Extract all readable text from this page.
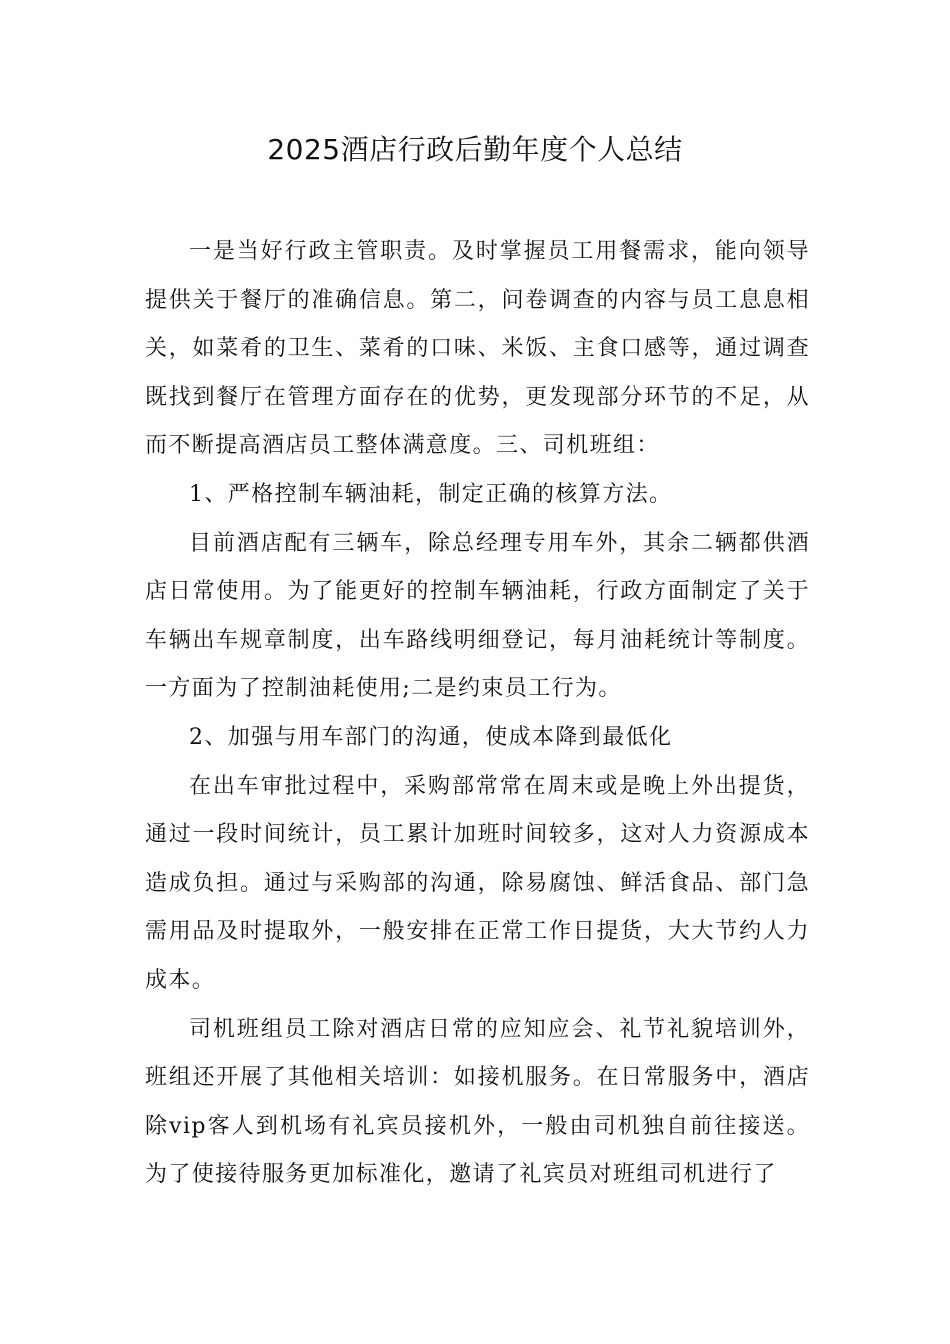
2025酒店行政后勤年度个人总结

一是当好行政主管职责。及时掌握员工用餐需求，能向领导提供关于餐厅的准确信息。第二，问卷调查的内容与员工息息相关，如菜肴的卫生、菜肴的口味、米饭、主食口感等，通过调查既找到餐厅在管理方面存在的优势，更发现部分环节的不足，从而不断提高酒店员工整体满意度。三、司机班组：

1、严格控制车辆油耗，制定正确的核算方法。

目前酒店配有三辆车，除总经理专用车外，其余二辆都供酒店日常使用。为了能更好的控制车辆油耗，行政方面制定了关于车辆出车规章制度，出车路线明细登记，每月油耗统计等制度。一方面为了控制油耗使用;二是约束员工行为。

2、加强与用车部门的沟通，使成本降到最低化

在出车审批过程中，采购部常常在周末或是晚上外出提货，通过一段时间统计，员工累计加班时间较多，这对人力资源成本造成负担。通过与采购部的沟通，除易腐蚀、鲜活食品、部门急需用品及时提取外，一般安排在正常工作日提货，大大节约人力成本。

司机班组员工除对酒店日常的应知应会、礼节礼貌培训外，班组还开展了其他相关培训：如接机服务。在日常服务中，酒店除vip客人到机场有礼宾员接机外，一般由司机独自前往接送。为了使接待服务更加标准化，邀请了礼宾员对班组司机进行了
